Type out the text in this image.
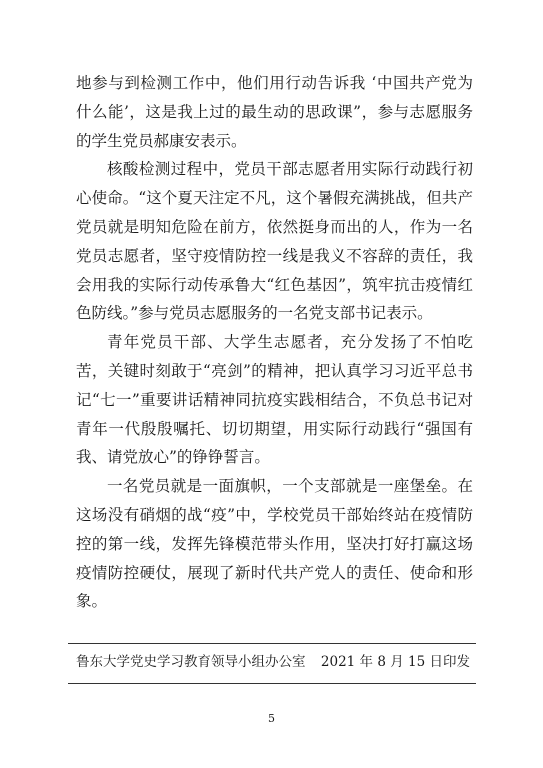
地参与到检测工作中，他们用行动告诉我 ‘中国共产党为什么能’，这是我上过的最生动的思政课”，参与志愿服务的学生党员郝康安表示。

核酸检测过程中，党员干部志愿者用实际行动践行初心使命。“这个夏天注定不凡，这个暑假充满挑战，但共产党员就是明知危险在前方，依然挺身而出的人，作为一名党员志愿者，坚守疫情防控一线是我义不容辞的责任，我会用我的实际行动传承鲁大“红色基因”，筑牢抗击疫情红色防线。”参与党员志愿服务的一名党支部书记表示。

青年党员干部、大学生志愿者，充分发扬了不怕吃苦，关键时刻敢于“亮剑”的精神，把认真学习习近平总书记“七一”重要讲话精神同抗疫实践相结合，不负总书记对青年一代殷殷嘱托、切切期望，用实际行动践行“强国有我、请党放心”的铮铮誓言。

一名党员就是一面旗帜，一个支部就是一座堡垒。在这场没有硝烟的战“疫”中，学校党员干部始终站在疫情防控的第一线，发挥先锋模范带头作用，坚决打好打赢这场疫情防控硬仗，展现了新时代共产党人的责任、使命和形象。

鲁东大学党史学习教育领导小组办公室 2021 年 8 月 15 日印发
5
